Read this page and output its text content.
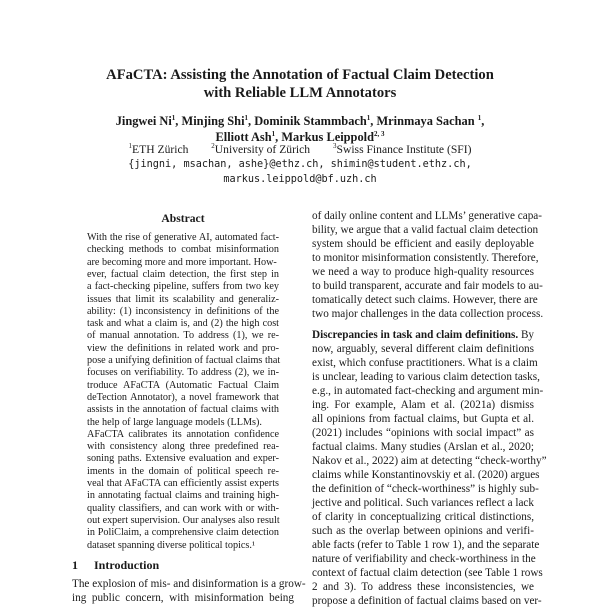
AFaCTA: Assisting the Annotation of Factual Claim Detection
with Reliable LLM Annotators
Jingwei Ni$^1$, Minjing Shi$^1$, Dominik Stammbach$^1$, Mrinmaya Sachan $^1$,
Elliott Ash$^1$, Markus Leippold$^{2, 3}$
$^1$ETH Zürich	$^2$University of Zürich	$^3$Swiss Finance Institute (SFI)
{jingni, msachan, ashe}@ethz.ch, shimin@student.ethz.ch,
markus.leippold@bf.uzh.ch
Abstract
With the rise of generative AI, automated fact-
checking methods to combat misinformation
are becoming more and more important. How-
ever, factual claim detection, the first step in
a fact-checking pipeline, suffers from two key
issues that limit its scalability and generaliz-
ability: (1) inconsistency in definitions of the
task and what a claim is, and (2) the high cost
of manual annotation. To address (1), we re-
view the definitions in related work and pro-
pose a unifying definition of factual claims that
focuses on verifiability. To address (2), we in-
troduce AFaCTA (Automatic Factual Claim
deTection Annotator), a novel framework that
assists in the annotation of factual claims with
the help of large language models (LLMs).
AFaCTA calibrates its annotation confidence
with consistency along three predefined rea-
soning paths. Extensive evaluation and exper-
iments in the domain of political speech re-
veal that AFaCTA can efficiently assist experts
in annotating factual claims and training high-
quality classifiers, and can work with or with-
out expert supervision. Our analyses also result
in PoliClaim, a comprehensive claim detection
dataset spanning diverse political topics.¹
1 Introduction
The explosion of mis- and disinformation is a grow-
ing public concern, with misinformation being
of daily online content and LLMs’ generative capa-
bility, we argue that a valid factual claim detection
system should be efficient and easily deployable
to monitor misinformation consistently. Therefore,
we need a way to produce high-quality resources
to build transparent, accurate and fair models to au-
tomatically detect such claims. However, there are
two major challenges in the data collection process.
Discrepancies in task and claim definitions. By
now, arguably, several different claim definitions
exist, which confuse practitioners. What is a claim
is unclear, leading to various claim detection tasks,
e.g., in automated fact-checking and argument min-
ing. For example, Alam et al. (2021a) dismiss
all opinions from factual claims, but Gupta et al.
(2021) includes “opinions with social impact” as
factual claims. Many studies (Arslan et al., 2020;
Nakov et al., 2022) aim at detecting “check-worthy”
claims while Konstantinovskiy et al. (2020) argues
the definition of “check-worthiness” is highly sub-
jective and political. Such variances reflect a lack
of clarity in conceptualizing critical distinctions,
such as the overlap between opinions and verifi-
able facts (refer to Table 1 row 1), and the separate
nature of verifiability and check-worthiness in the
context of factual claim detection (see Table 1 rows
2 and 3). To address these inconsistencies, we
propose a definition of factual claims based on ver-
